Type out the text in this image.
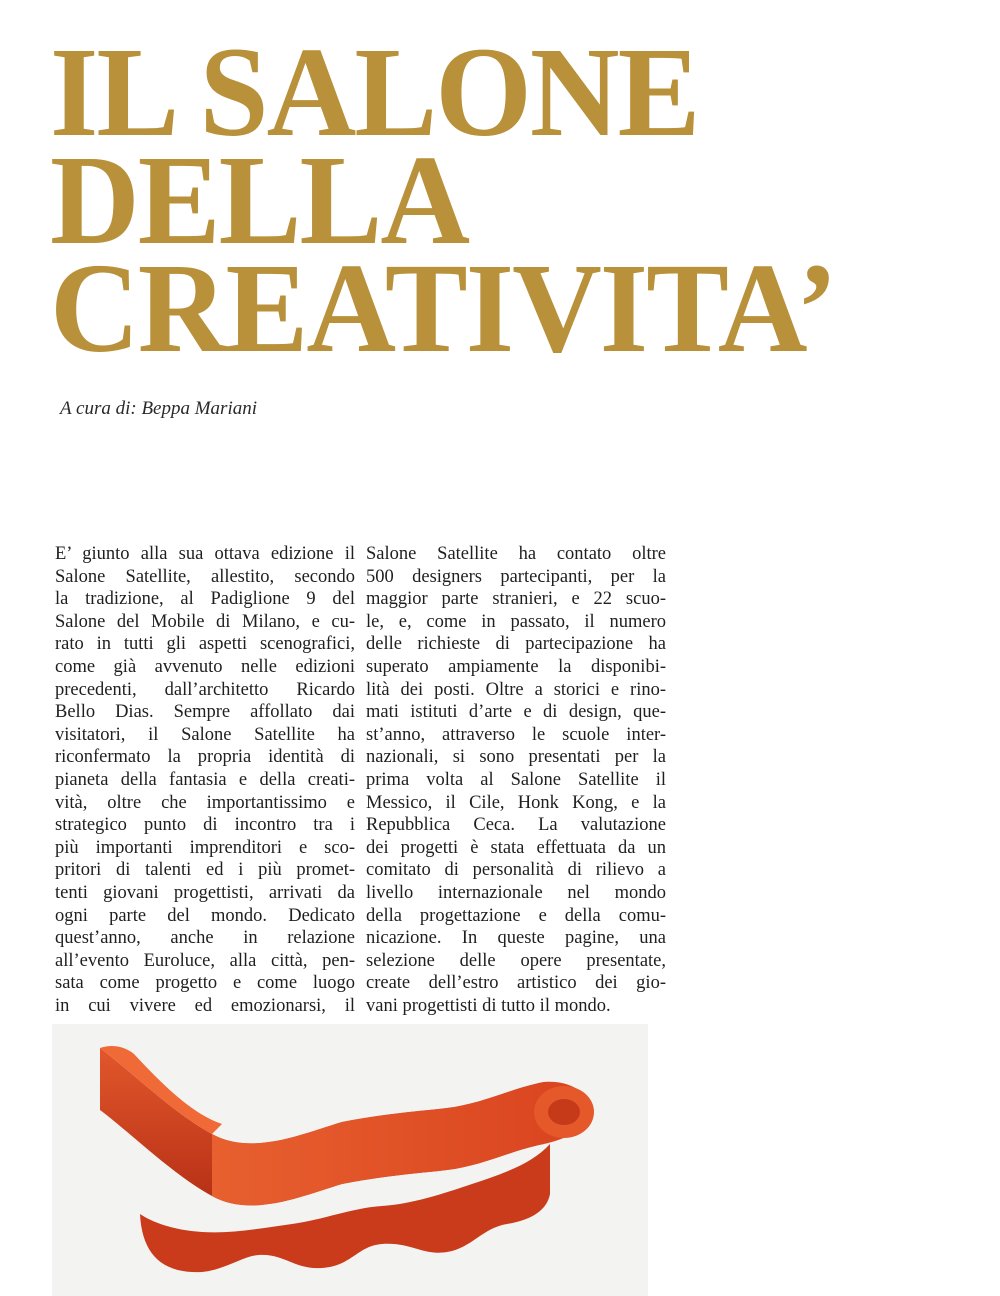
IL SALONE
DELLA
CREATIVITA’

A cura di: Beppa Mariani

E’ giunto alla sua ottava edizione il
Salone Satellite, allestito, secondo
la tradizione, al Padiglione 9 del
Salone del Mobile di Milano, e cu-
rato in tutti gli aspetti scenografici,
come già avvenuto nelle edizioni
precedenti, dall’architetto Ricardo
Bello Dias. Sempre affollato dai
visitatori, il Salone Satellite ha
riconfermato la propria identità di
pianeta della fantasia e della creati-
vità, oltre che importantissimo e
strategico punto di incontro tra i
più importanti imprenditori e sco-
pritori di talenti ed i più promet-
tenti giovani progettisti, arrivati da
ogni parte del mondo. Dedicato
quest’anno, anche in relazione
all’evento Euroluce, alla città, pen-
sata come progetto e come luogo
in cui vivere ed emozionarsi, il
Salone Satellite ha contato oltre
500 designers partecipanti, per la
maggior parte stranieri, e 22 scuo-
le, e, come in passato, il numero
delle richieste di partecipazione ha
superato ampiamente la disponibi-
lità dei posti. Oltre a storici e rino-
mati istituti d’arte e di design, que-
st’anno, attraverso le scuole inter-
nazionali, si sono presentati per la
prima volta al Salone Satellite il
Messico, il Cile, Honk Kong, e la
Repubblica Ceca. La valutazione
dei progetti è stata effettuata da un
comitato di personalità di rilievo a
livello internazionale nel mondo
della progettazione e della comu-
nicazione. In queste pagine, una
selezione delle opere presentate,
create dell’estro artistico dei gio-
vani progettisti di tutto il mondo.
